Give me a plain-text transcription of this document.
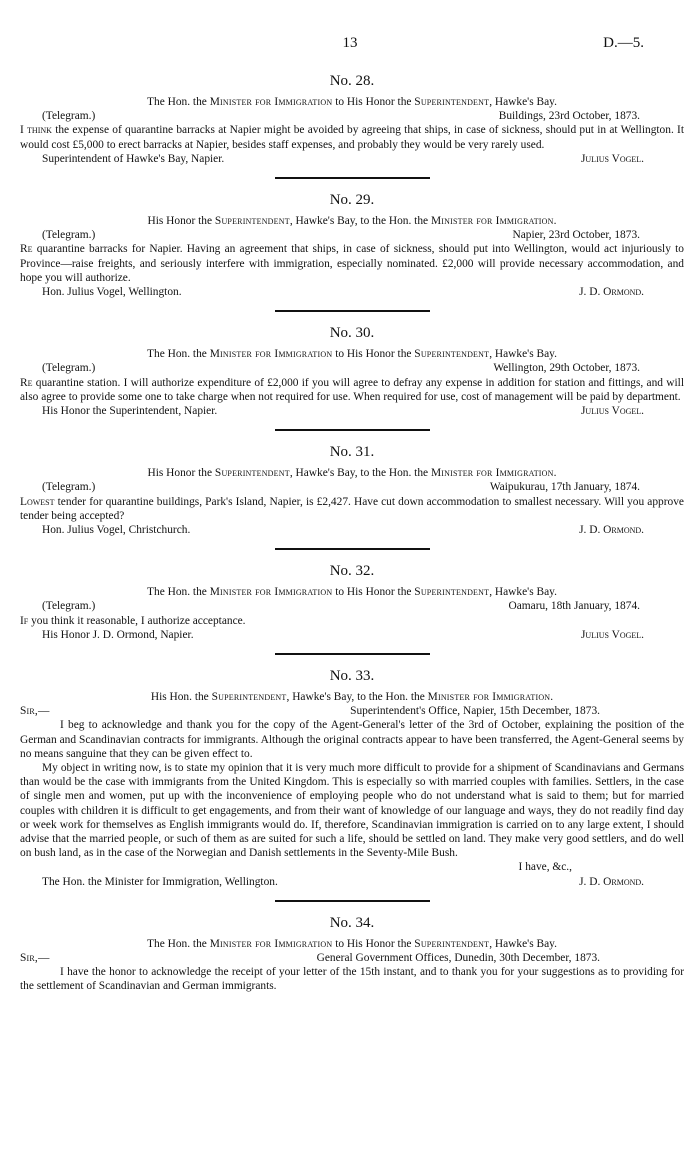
13	D.—5.
No. 28.
The Hon. the Minister for Immigration to His Honor the Superintendent, Hawke's Bay.
(Telegram.)	Buildings, 23rd October, 1873.

I think the expense of quarantine barracks at Napier might be avoided by agreeing that ships, in case of sickness, should put in at Wellington. It would cost £5,000 to erect barracks at Napier, besides staff expenses, and probably they would be very rarely used.

Superintendent of Hawke's Bay, Napier.	Julius Vogel.
No. 29.
His Honor the Superintendent, Hawke's Bay, to the Hon. the Minister for Immigration.
(Telegram.)	Napier, 23rd October, 1873.

Re quarantine barracks for Napier. Having an agreement that ships, in case of sickness, should put into Wellington, would act injuriously to Province—raise freights, and seriously interfere with immigration, especially nominated. £2,000 will provide necessary accommodation, and hope you will authorize.

Hon. Julius Vogel, Wellington.	J. D. Ormond.
No. 30.
The Hon. the Minister for Immigration to His Honor the Superintendent, Hawke's Bay.
(Telegram.)	Wellington, 29th October, 1873.

Re quarantine station. I will authorize expenditure of £2,000 if you will agree to defray any expense in addition for station and fittings, and will also agree to provide some one to take charge when not required for use. When required for use, cost of management will be paid by department.

His Honor the Superintendent, Napier.	Julius Vogel.
No. 31.
His Honor the Superintendent, Hawke's Bay, to the Hon. the Minister for Immigration.
(Telegram.)	Waipukurau, 17th January, 1874.

Lowest tender for quarantine buildings, Park's Island, Napier, is £2,427. Have cut down accommodation to smallest necessary. Will you approve tender being accepted?

Hon. Julius Vogel, Christchurch.	J. D. Ormond.
No. 32.
The Hon. the Minister for Immigration to His Honor the Superintendent, Hawke's Bay.
(Telegram.)	Oamaru, 18th January, 1874.

If you think it reasonable, I authorize acceptance.

His Honor J. D. Ormond, Napier.	Julius Vogel.
No. 33.
His Hon. the Superintendent, Hawke's Bay, to the Hon. the Minister for Immigration.
Sir,—	Superintendent's Office, Napier, 15th December, 1873.

I beg to acknowledge and thank you for the copy of the Agent-General's letter of the 3rd of October, explaining the position of the German and Scandinavian contracts for immigrants. Although the original contracts appear to have been transferred, the Agent-General seems by no means sanguine that they can be given effect to.

My object in writing now, is to state my opinion that it is very much more difficult to provide for a shipment of Scandinavians and Germans than would be the case with immigrants from the United Kingdom. This is especially so with married couples with families. Settlers, in the case of single men and women, put up with the inconvenience of employing people who do not understand what is said to them; but for married couples with children it is difficult to get engagements, and from their want of knowledge of our language and ways, they do not readily find day or week work for themselves as English immigrants would do. If, therefore, Scandinavian immigration is carried on to any large extent, I should advise that the married people, or such of them as are suited for such a life, should be settled on land. They make very good settlers, and do well on bush land, as in the case of the Norwegian and Danish settlements in the Seventy-Mile Bush.

I have, &c.,
The Hon. the Minister for Immigration, Wellington.	J. D. Ormond.
No. 34.
The Hon. the Minister for Immigration to His Honor the Superintendent, Hawke's Bay.
Sir,—	General Government Offices, Dunedin, 30th December, 1873.

I have the honor to acknowledge the receipt of your letter of the 15th instant, and to thank you for your suggestions as to providing for the settlement of Scandinavian and German immigrants.
